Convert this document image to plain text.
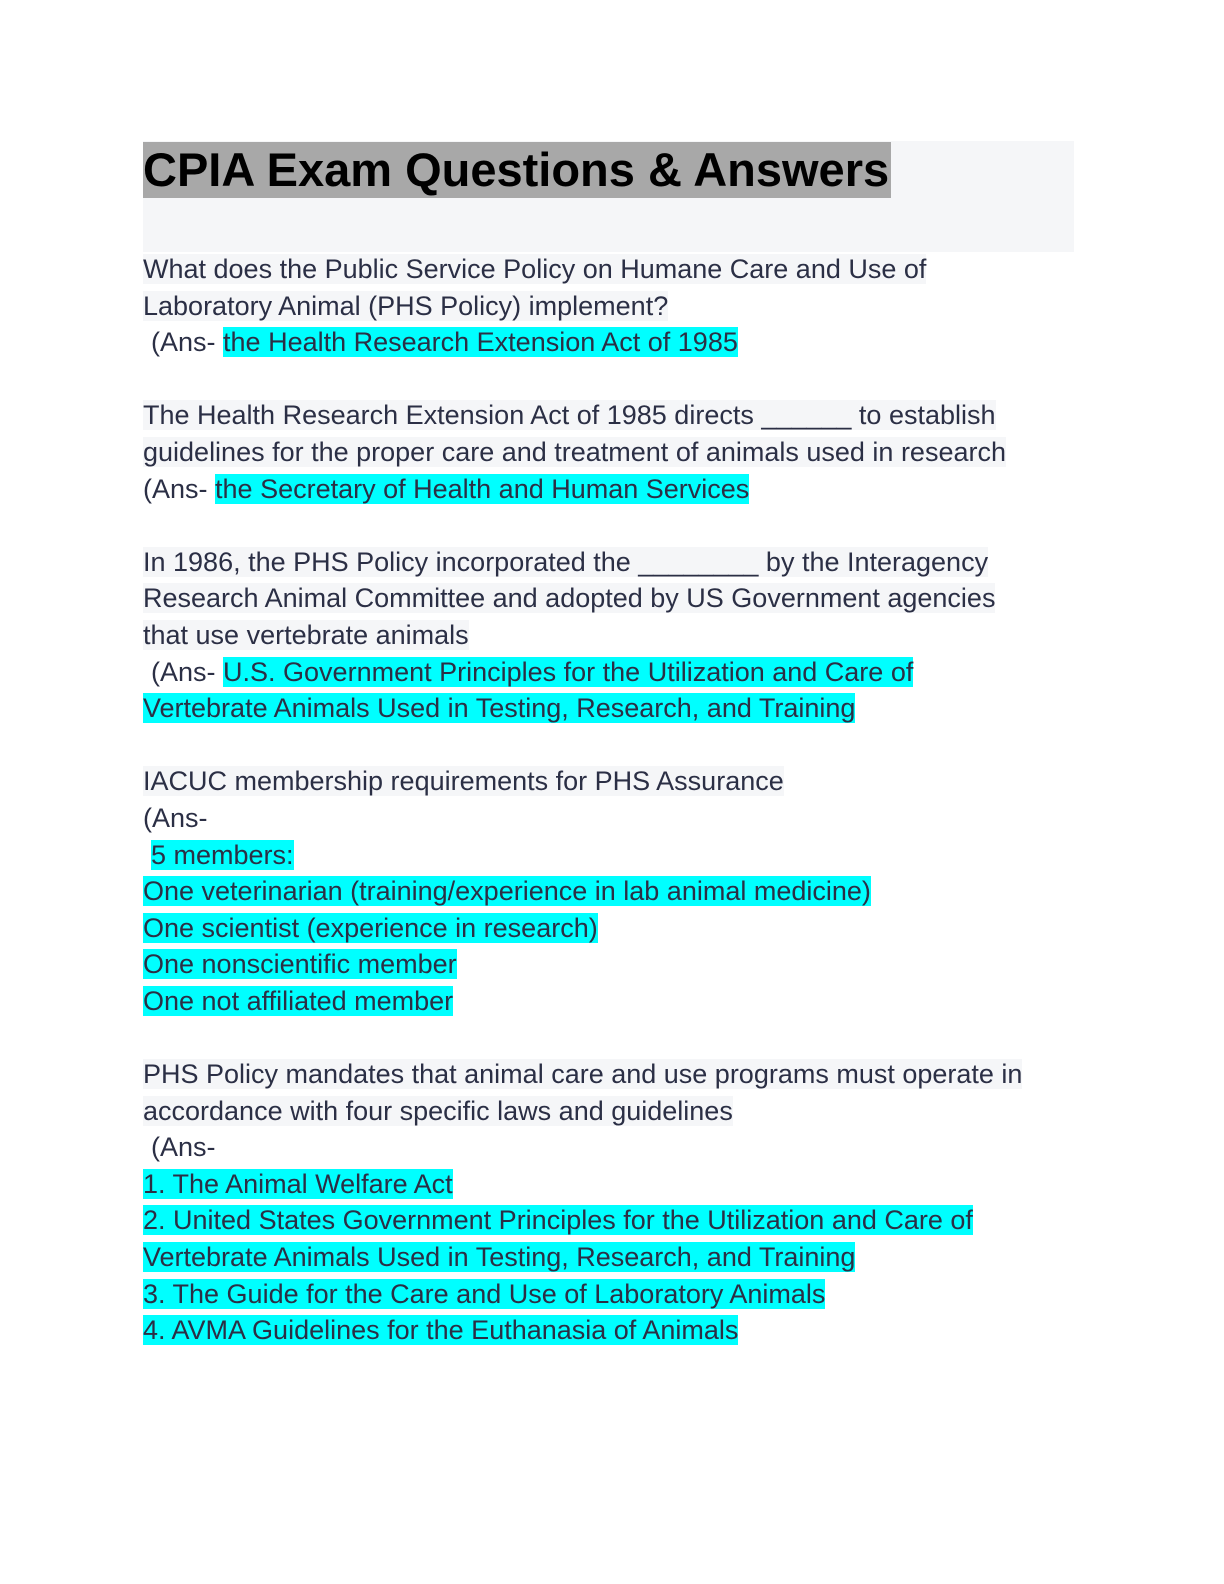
CPIA Exam Questions & Answers
What does the Public Service Policy on Humane Care and Use of
Laboratory Animal (PHS Policy) implement?
(Ans- the Health Research Extension Act of 1985
The Health Research Extension Act of 1985 directs ______ to establish
guidelines for the proper care and treatment of animals used in research
(Ans- the Secretary of Health and Human Services
In 1986, the PHS Policy incorporated the ________ by the Interagency
Research Animal Committee and adopted by US Government agencies
that use vertebrate animals
(Ans- U.S. Government Principles for the Utilization and Care of
Vertebrate Animals Used in Testing, Research, and Training
IACUC membership requirements for PHS Assurance
(Ans-
5 members:
One veterinarian (training/experience in lab animal medicine)
One scientist (experience in research)
One nonscientific member
One not affiliated member
PHS Policy mandates that animal care and use programs must operate in
accordance with four specific laws and guidelines
(Ans-
1. The Animal Welfare Act
2. United States Government Principles for the Utilization and Care of
Vertebrate Animals Used in Testing, Research, and Training
3. The Guide for the Care and Use of Laboratory Animals
4. AVMA Guidelines for the Euthanasia of Animals
